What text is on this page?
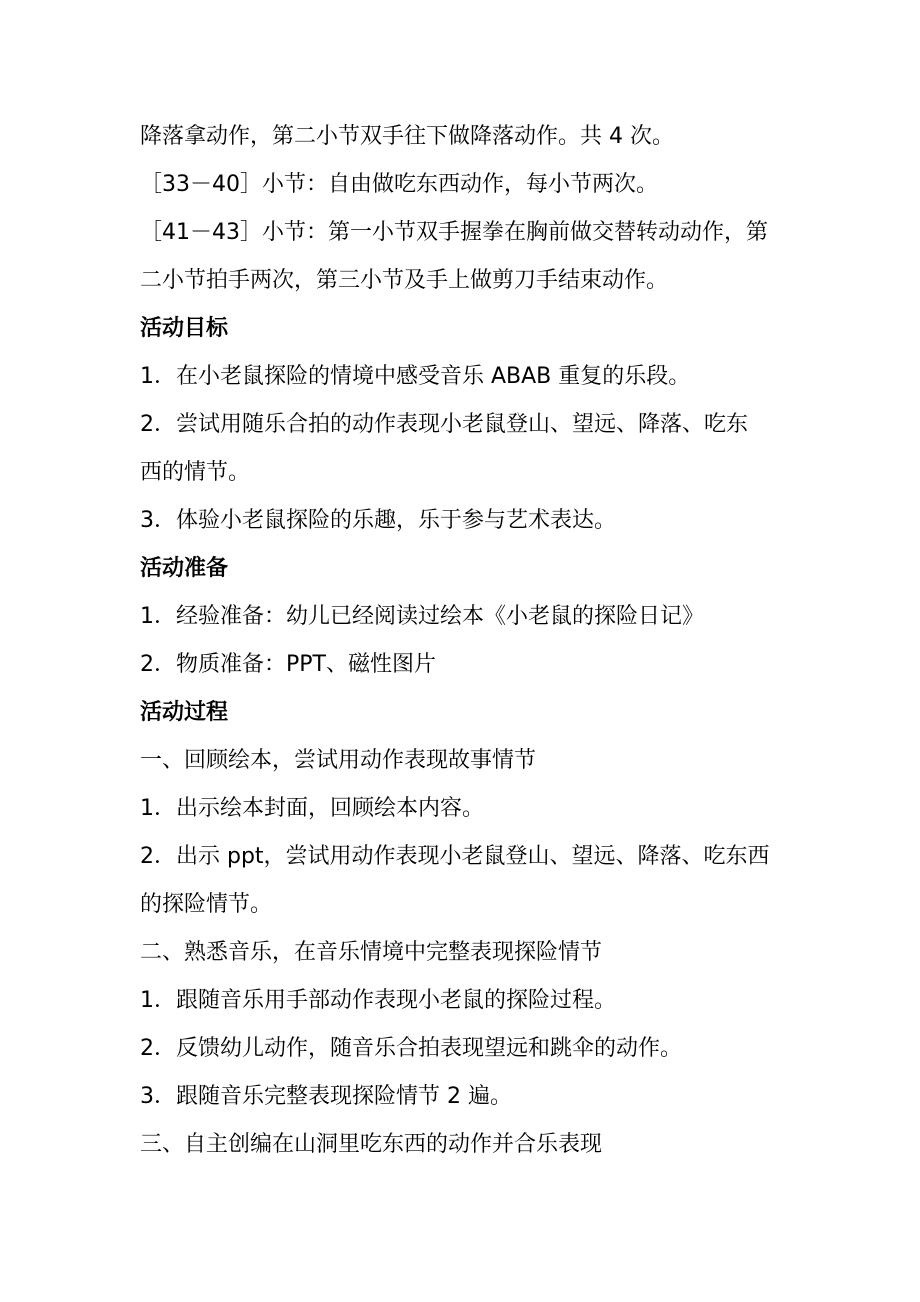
降落拿动作，第二小节双手往下做降落动作。共 4 次。
［33－40］小节：自由做吃东西动作，每小节两次。
［41－43］小节：第一小节双手握拳在胸前做交替转动动作，第
二小节拍手两次，第三小节及手上做剪刀手结束动作。
活动目标
1．在小老鼠探险的情境中感受音乐 ABAB 重复的乐段。
2．尝试用随乐合拍的动作表现小老鼠登山、望远、降落、吃东
西的情节。
3．体验小老鼠探险的乐趣，乐于参与艺术表达。
活动准备
1．经验准备：幼儿已经阅读过绘本《小老鼠的探险日记》
2．物质准备：PPT、磁性图片
活动过程
一、回顾绘本，尝试用动作表现故事情节
1．出示绘本封面，回顾绘本内容。
2．出示 ppt，尝试用动作表现小老鼠登山、望远、降落、吃东西
的探险情节。
二、熟悉音乐，在音乐情境中完整表现探险情节
1．跟随音乐用手部动作表现小老鼠的探险过程。
2．反馈幼儿动作，随音乐合拍表现望远和跳伞的动作。
3．跟随音乐完整表现探险情节 2 遍。
三、自主创编在山洞里吃东西的动作并合乐表现
